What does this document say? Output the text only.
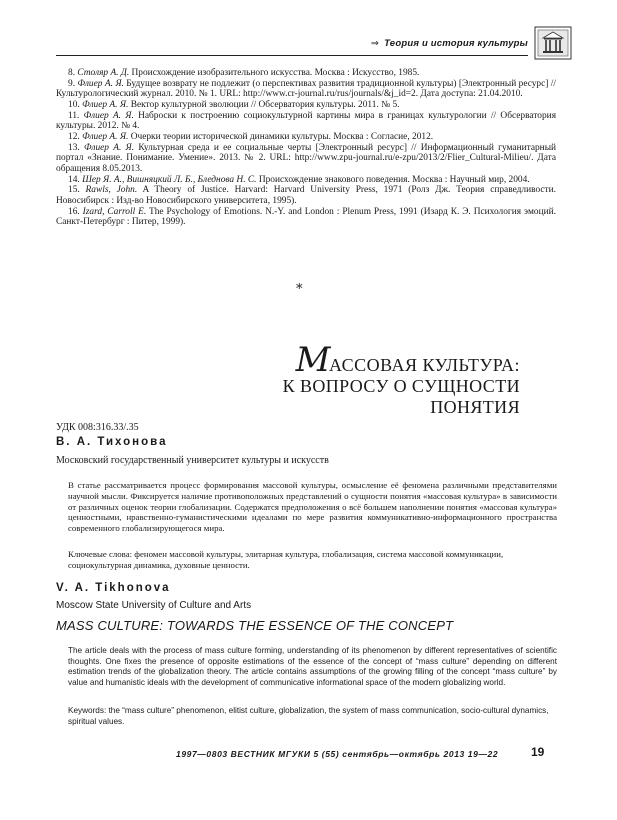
⇒ Теория и история культуры

8. Столяр А. Д. Происхождение изобразительного искусства. Москва : Искусство, 1985.

9. Флиер А. Я. Будущее возврату не подлежит (о перспективах развития традиционной культуры) [Электронный ресурс] // Культурологический журнал. 2010. № 1. URL: http://www.cr-journal.ru/rus/journals/&j_id=2. Дата доступа: 21.04.2010.

10. Флиер А. Я. Вектор культурной эволюции // Обсерватория культуры. 2011. № 5.

11. Флиер А. Я. Наброски к построению социокультурной картины мира в границах культурологии // Обсерватория культуры. 2012. № 4.

12. Флиер А. Я. Очерки теории исторической динамики культуры. Москва : Согласие, 2012.

13. Флиер А. Я. Культурная среда и ее социальные черты [Электронный ресурс] // Информационный гуманитарный портал «Знание. Понимание. Умение». 2013. № 2. URL: http://www.zpu-journal.ru/e-zpu/2013/2/Flier_Cultural-Milieu/. Дата обращения 8.05.2013.

14. Шер Я. А., Вишняцкий Л. Б., Бледнова Н. С. Происхождение знакового поведения. Москва : Научный мир, 2004.

15. Rawls, John. A Theory of Justice. Harvard: Harvard University Press, 1971 (Ролз Дж. Теория справедливости. Новосибирск : Изд-во Новосибирского университета, 1995).

16. Izard, Carroll E. The Psychology of Emotions. N.-Y. and London : Plenum Press, 1991 (Изард К. Э. Психология эмоций. Санкт-Петербург : Питер, 1999).

*
МАССОВАЯ КУЛЬТУРА:
К ВОПРОСУ О СУЩНОСТИ ПОНЯТИЯ
УДК 008:316.33/.35
В. А. Тихонова
Московский государственный университет культуры и искусств

В статье рассматривается процесс формирования массовой культуры, осмысление её феномена различными представителями научной мысли. Фиксируется наличие противоположных представлений о сущности понятия «массовая культура» в зависимости от различных оценок теории глобализации. Содержатся предположения о всё большем наполнении понятия «массовая культура» ценностными, нравственно-гуманистическими идеалами по мере развития коммуникативно-информационного пространства современного глобализирующегося мира.

Ключевые слова: феномен массовой культуры, элитарная культура, глобализация, система массовой коммуникации, социокультурная динамика, духовные ценности.

V. A. Tikhonova
Moscow State University of Culture and Arts
MASS CULTURE: TOWARDS THE ESSENCE OF THE CONCEPT

The article deals with the process of mass culture forming, understanding of its phenomenon by different representatives of scientific thoughts. One fixes the presence of opposite estimations of the essence of the concept of “mass culture” depending on different estimation trends of the globalization theory. The article contains assumptions of the growing filling of the concept “mass culture” by value and humanistic ideals with the development of communicative informational space of the modern globalizing world.

Keywords: the “mass culture” phenomenon, elitist culture, globalization, the system of mass communication, socio-cultural dynamics, spiritual values.

1997—0803 ВЕСТНИК МГУКИ 5 (55) сентябрь—октябрь 2013 19—22	19
